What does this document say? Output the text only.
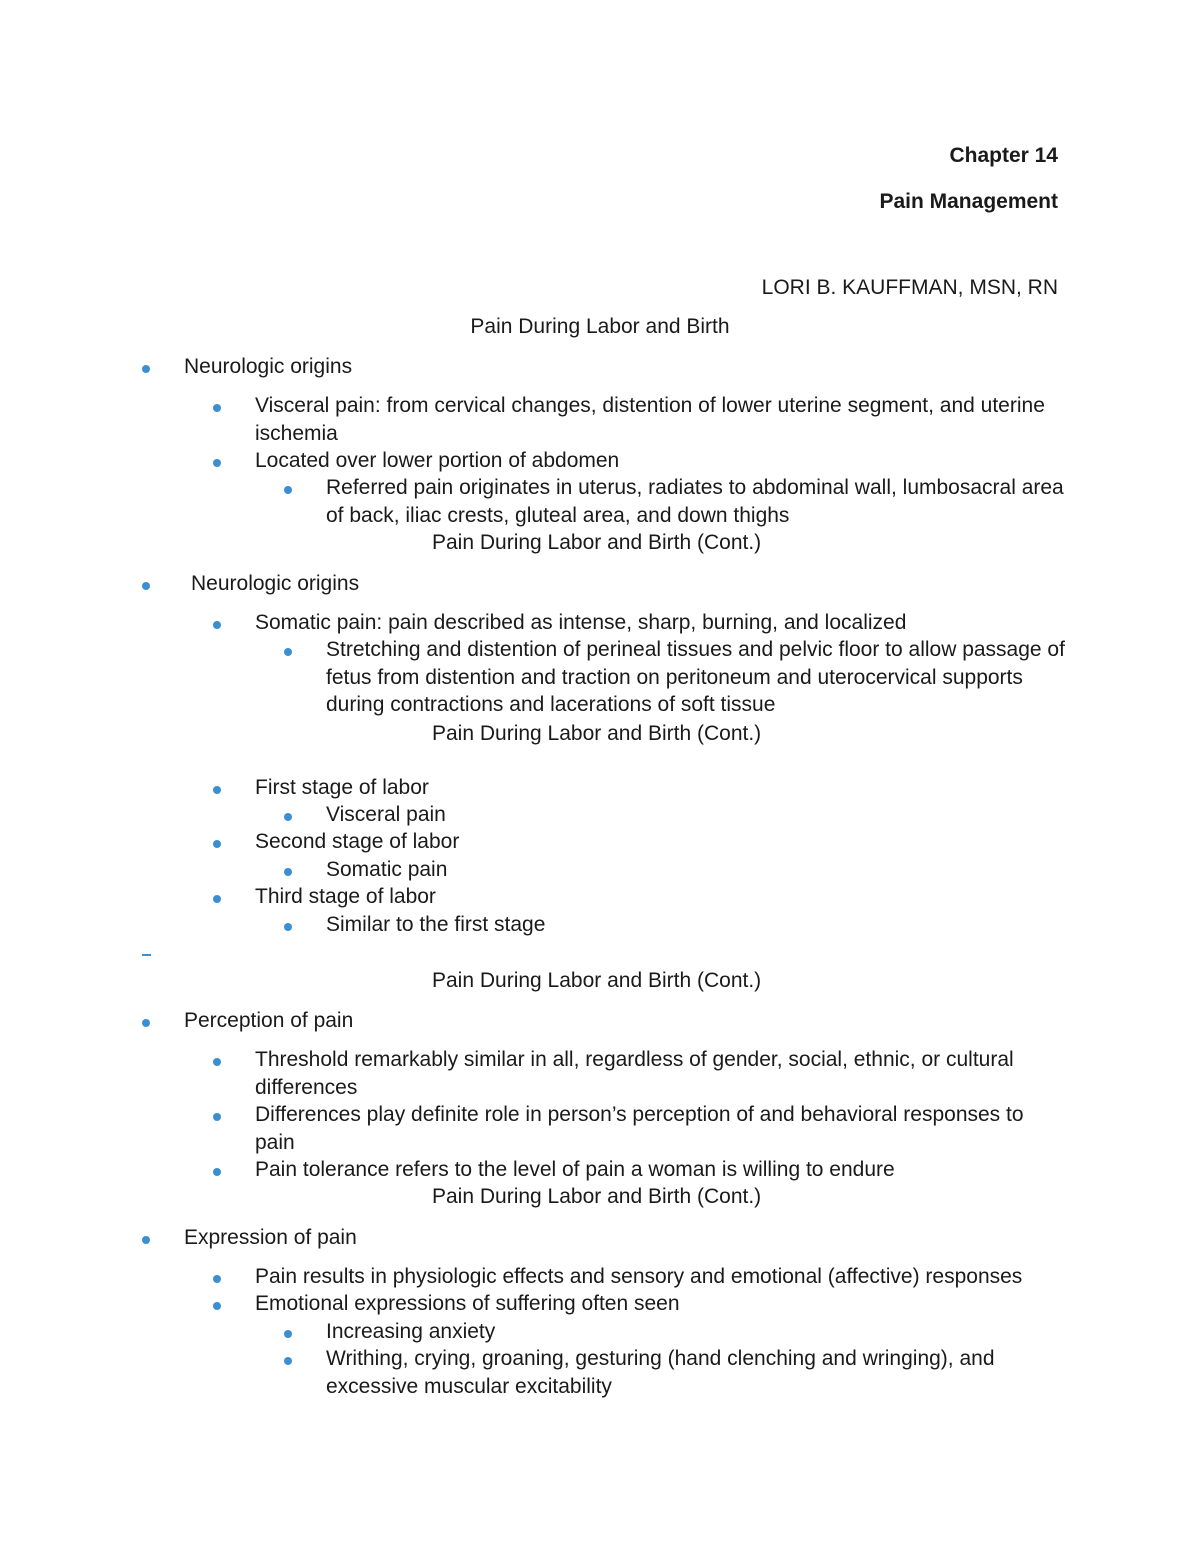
Chapter 14
Pain Management
LORI B. KAUFFMAN, MSN, RN
Pain During Labor and Birth
Neurologic origins
Visceral pain: from cervical changes, distention of lower uterine segment, and uterine ischemia
Located over lower portion of abdomen
Referred pain originates in uterus, radiates to abdominal wall, lumbosacral area of back, iliac crests, gluteal area, and down thighs
Pain During Labor and Birth (Cont.)
Neurologic origins
Somatic pain: pain described as intense, sharp, burning, and localized
Stretching and distention of perineal tissues and pelvic floor to allow passage of fetus from distention and traction on peritoneum and uterocervical supports during contractions and lacerations of soft tissue
Pain During Labor and Birth (Cont.)
First stage of labor
Visceral pain
Second stage of labor
Somatic pain
Third stage of labor
Similar to the first stage
Pain During Labor and Birth (Cont.)
Perception of pain
Threshold remarkably similar in all, regardless of gender, social, ethnic, or cultural differences
Differences play definite role in person’s perception of and behavioral responses to pain
Pain tolerance refers to the level of pain a woman is willing to endure
Pain During Labor and Birth (Cont.)
Expression of pain
Pain results in physiologic effects and sensory and emotional (affective) responses
Emotional expressions of suffering often seen
Increasing anxiety
Writhing, crying, groaning, gesturing (hand clenching and wringing), and excessive muscular excitability
